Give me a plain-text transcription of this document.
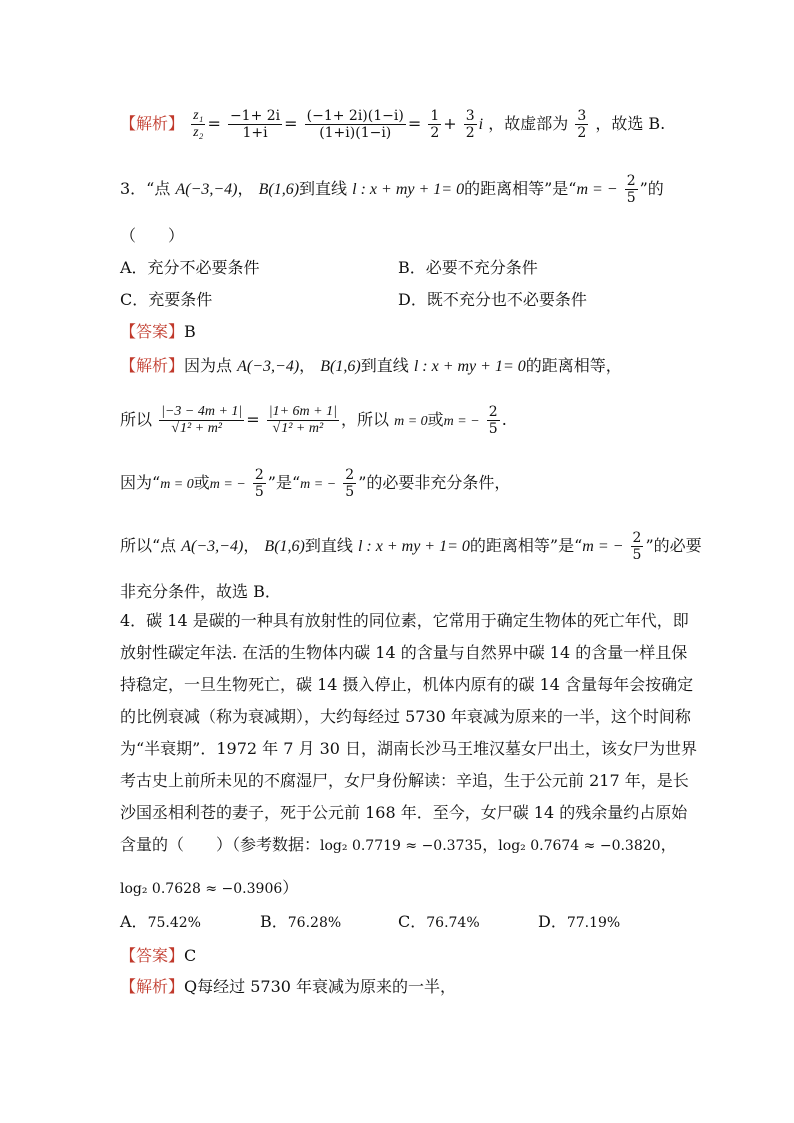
【解析】 $\frac{\text{z₁}}{\text{z₂}} = \frac{-1+ 2i}{1+i} = \frac{(-1+ 2i)(1-i)}{(1+i)(1-i)} = \frac{1}{2} + \frac{3}{2}$ i ，故虚部为 $\frac{3}{2}$ ，故选 B.
3．“点 A(−3,−4)， B(1,6)到直线 l : x + my + 1= 0的距离相等”是“m = − $\frac{2}{5}$ ”的
（　　）
A．充分不必要条件	B．必要不充分条件
C．充要条件	D．既不充分也不必要条件
【答案】B
【解析】因为点 A(−3,−4)， B(1,6)到直线 l : x + my + 1= 0的距离相等，
所以 |−3 − 4m + 1|
√ 1² + m² = |1+ 6m + 1|
√ 1² + m² ，所以 m = 0或m = − $\frac{2}{5}$ .
因为“m = 0或m = − $\frac{2}{5}$ ”是“m = − $\frac{2}{5}$ ”的必要非充分条件，
所以“点 A(−3,−4)， B(1,6)到直线 l : x + my + 1= 0的距离相等”是“m = − $\frac{2}{5}$ ”的必要
非充分条件，故选 B．
4．碳 14 是碳的一种具有放射性的同位素，它常用于确定生物体的死亡年代，即
放射性碳定年法. 在活的生物体内碳 14 的含量与自然界中碳 14 的含量一样且保
持稳定，一旦生物死亡，碳 14 摄入停止，机体内原有的碳 14 含量每年会按确定
的比例衰减（称为衰减期），大约每经过 5730 年衰减为原来的一半，这个时间称
为“半衰期”．1972 年 7 月 30 日，湖南长沙马王堆汉墓女尸出土，该女尸为世界
考古史上前所未见的不腐湿尸，女尸身份解读：辛追，生于公元前 217 年，是长
沙国丞相利苍的妻子，死于公元前 168 年．至今，女尸碳 14 的残余量约占原始
含量的（　　）（参考数据：log₂ 0.7719 ≈ −0.3735，log₂ 0.7674 ≈ −0.3820，
log₂ 0.7628 ≈ −0.3906）
A．75.42%	B．76.28%	C．76.74%	D．77.19%
【答案】C
【解析】Q每经过 5730 年衰减为原来的一半，
